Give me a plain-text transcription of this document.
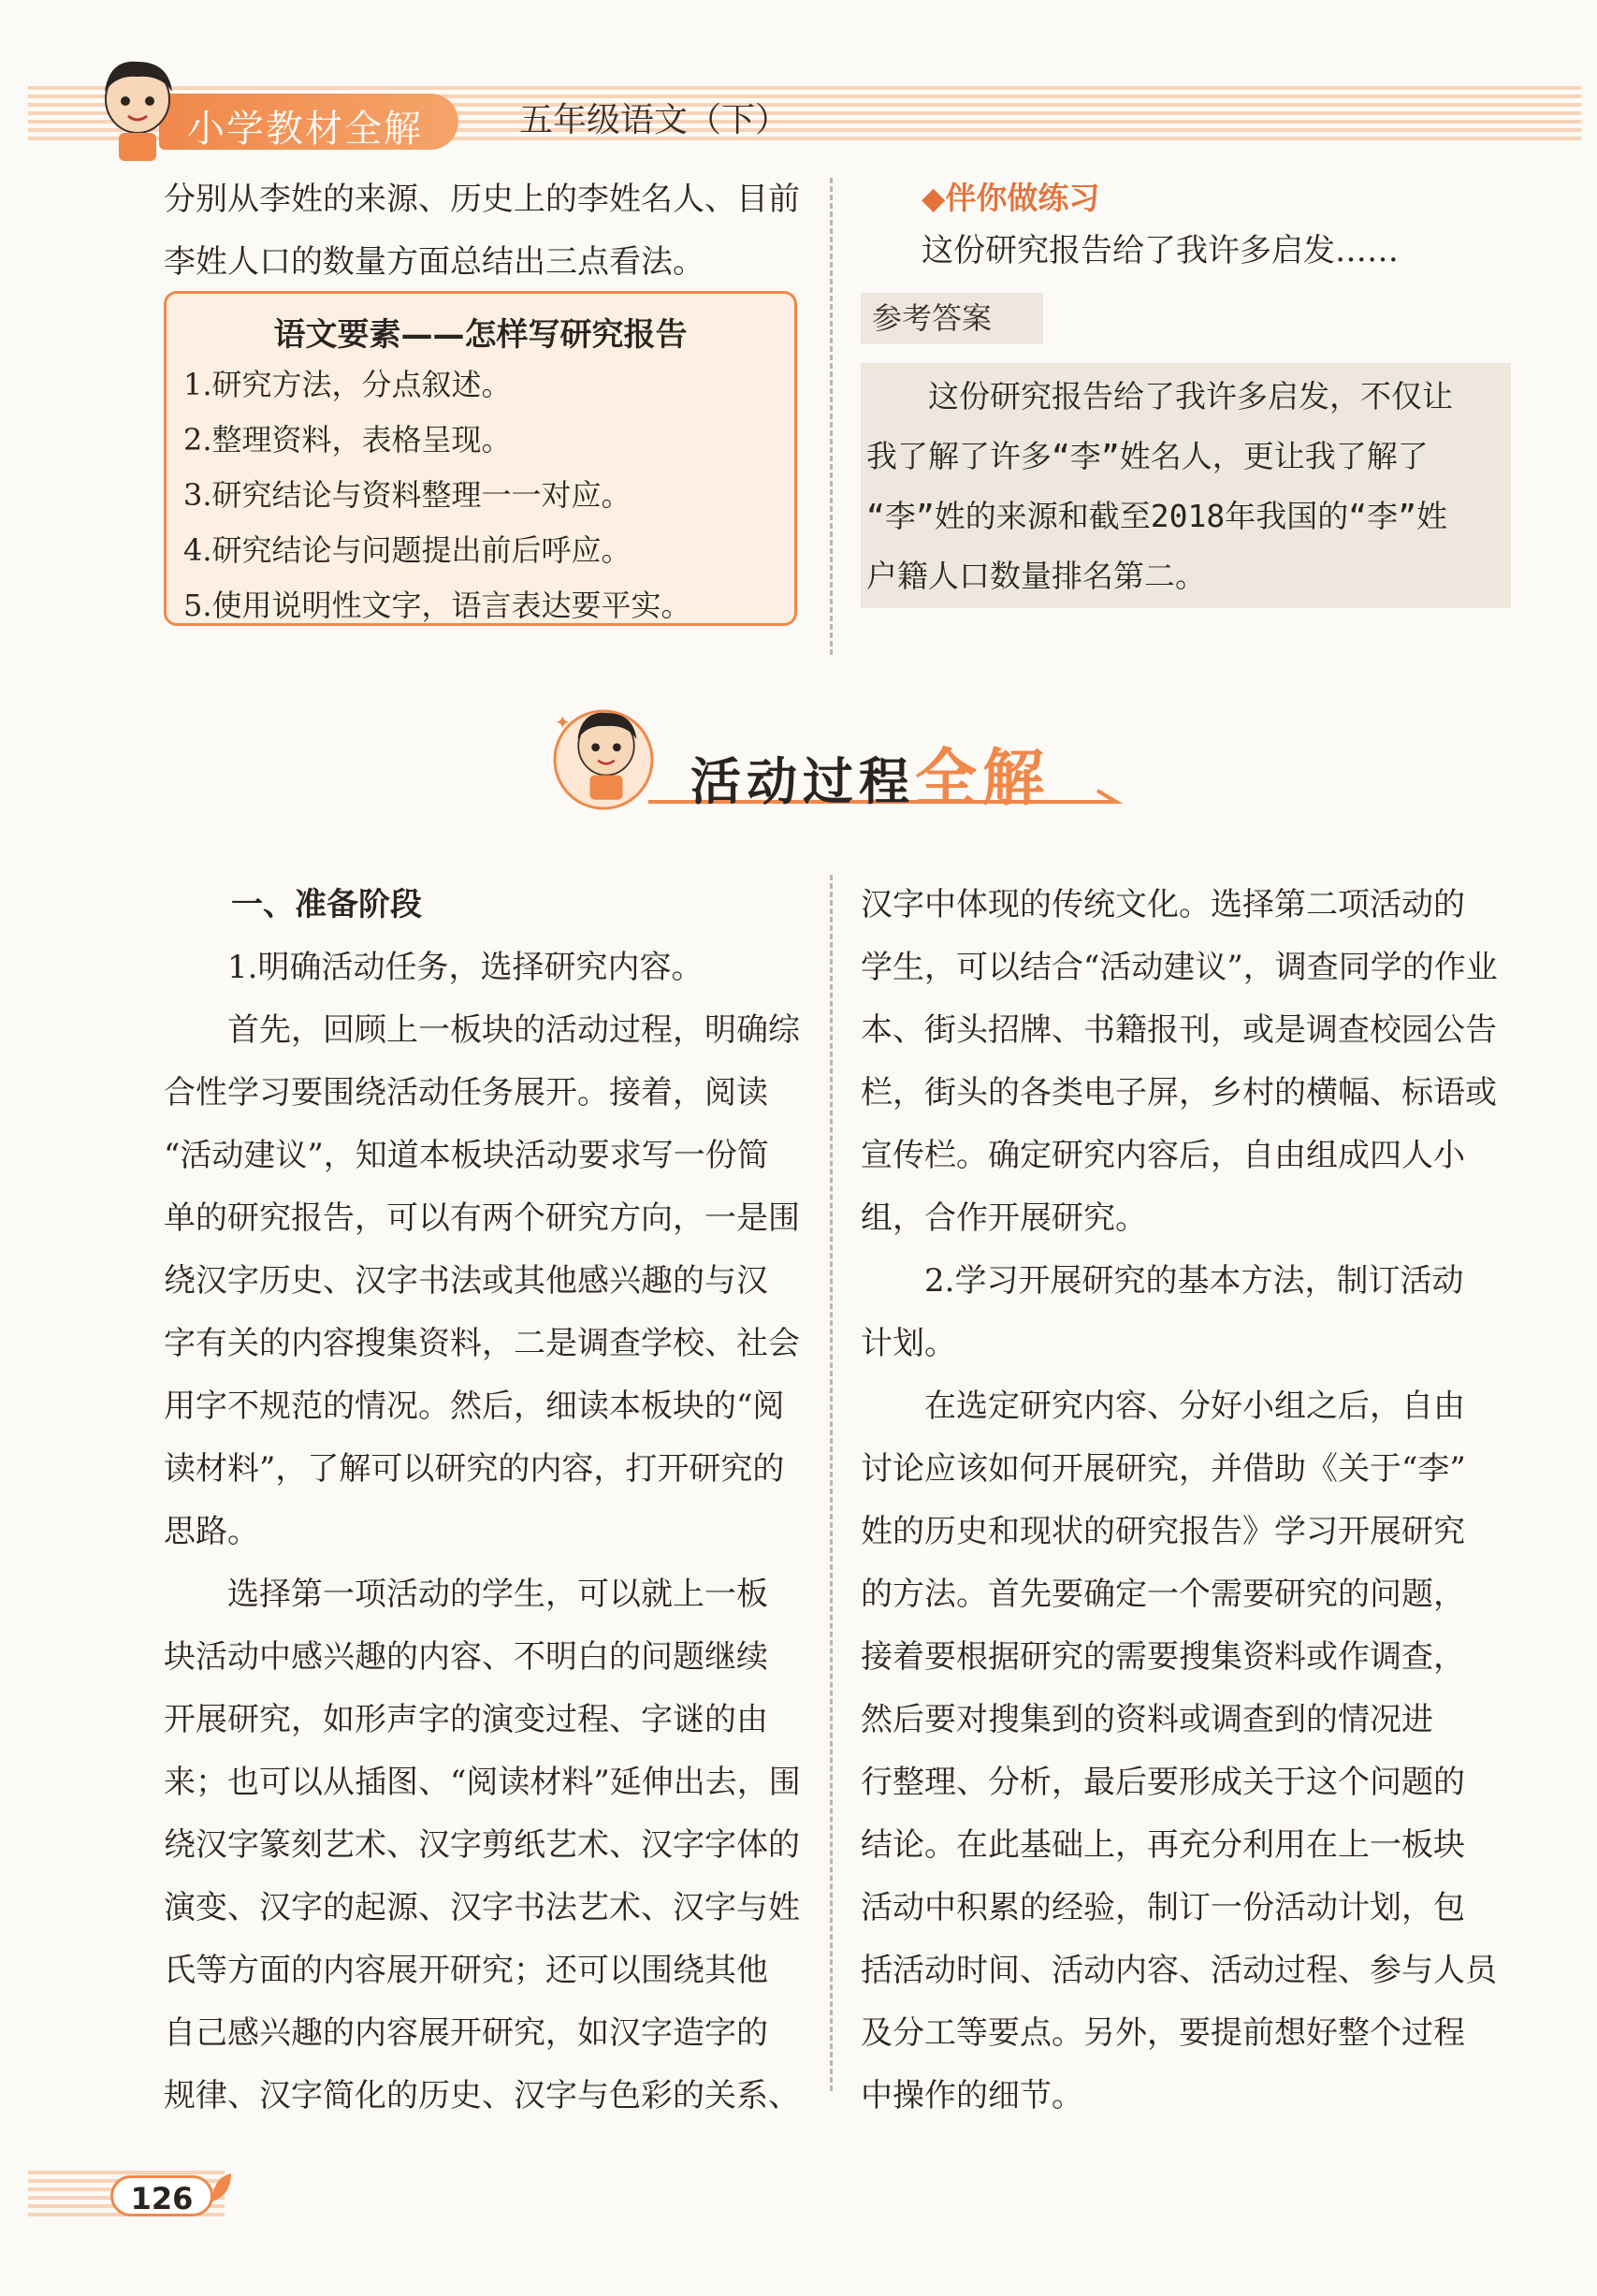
小学教材全解	五年级语文（下）

分别从李姓的来源、历史上的李姓名人、目前

李姓人口的数量方面总结出三点看法。

语文要素——怎样写研究报告
1.研究方法，分点叙述。
2.整理资料，表格呈现。
3.研究结论与资料整理一一对应。
4.研究结论与问题提出前后呼应。
5.使用说明性文字，语言表达要平实。
◆伴你做练习
这份研究报告给了我许多启发……
参考答案
　　这份研究报告给了我许多启发，不仅让
我了解了许多“李”姓名人，更让我了解了
“李”姓的来源和截至2018年我国的“李”姓
户籍人口数量排名第二。
✦
活动过程全解

一、准备阶段

1.明确活动任务，选择研究内容。

首先，回顾上一板块的活动过程，明确综

合性学习要围绕活动任务展开。接着，阅读

“活动建议”，知道本板块活动要求写一份简

单的研究报告，可以有两个研究方向，一是围

绕汉字历史、汉字书法或其他感兴趣的与汉

字有关的内容搜集资料，二是调查学校、社会

用字不规范的情况。然后，细读本板块的“阅

读材料”，了解可以研究的内容，打开研究的

思路。

选择第一项活动的学生，可以就上一板

块活动中感兴趣的内容、不明白的问题继续

开展研究，如形声字的演变过程、字谜的由

来；也可以从插图、“阅读材料”延伸出去，围

绕汉字篆刻艺术、汉字剪纸艺术、汉字字体的

演变、汉字的起源、汉字书法艺术、汉字与姓

氏等方面的内容展开研究；还可以围绕其他

自己感兴趣的内容展开研究，如汉字造字的

规律、汉字简化的历史、汉字与色彩的关系、

汉字中体现的传统文化。选择第二项活动的

学生，可以结合“活动建议”，调查同学的作业

本、街头招牌、书籍报刊，或是调查校园公告

栏，街头的各类电子屏，乡村的横幅、标语或

宣传栏。确定研究内容后，自由组成四人小

组，合作开展研究。

2.学习开展研究的基本方法，制订活动

计划。

在选定研究内容、分好小组之后，自由

讨论应该如何开展研究，并借助《关于“李”

姓的历史和现状的研究报告》学习开展研究

的方法。首先要确定一个需要研究的问题，

接着要根据研究的需要搜集资料或作调查，

然后要对搜集到的资料或调查到的情况进

行整理、分析，最后要形成关于这个问题的

结论。在此基础上，再充分利用在上一板块

活动中积累的经验，制订一份活动计划，包

括活动时间、活动内容、活动过程、参与人员

及分工等要点。另外，要提前想好整个过程

中操作的细节。

126
